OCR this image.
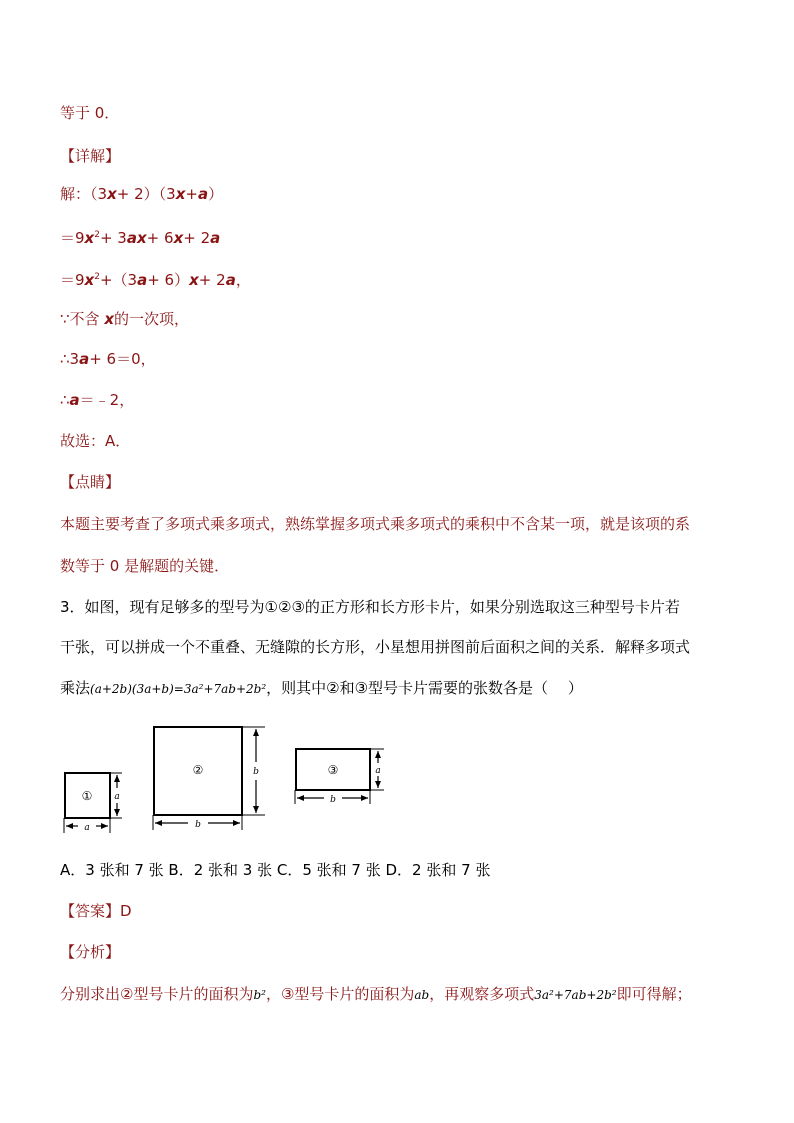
等于 0．
【详解】
解：（3x+ 2）（3x+a）
$=9x^2+ 3ax+ 6x+ 2a$
$=9x^2+(3a+ 6)x+ 2a$，
∵不含 x的一次项，
∴3a+ 6＝0，
∴a＝﹣2，
故选：A．
【点睛】
本题主要考查了多项式乘多项式，熟练掌握多项式乘多项式的乘积中不含某一项，就是该项的系
数等于 0 是解题的关键．
3．如图，现有足够多的型号为①②③的正方形和长方形卡片，如果分别选取这三种型号卡片若
干张，可以拼成一个不重叠、无缝隙的长方形，小星想用拼图前后面积之间的关系．解释多项式
乘法(a+2b)(3a+b)=3a²+7ab+2b²，则其中②和③型号卡片需要的张数各是（　 ）
①
a
a
②
b
b	③
b
a
A．3 张和 7 张 B．2 张和 3 张 C．5 张和 7 张 D．2 张和 7 张
【答案】D
【分析】
分别求出②型号卡片的面积为b²，③型号卡片的面积为ab，再观察多项式3a²+7ab+2b²即可得解；
